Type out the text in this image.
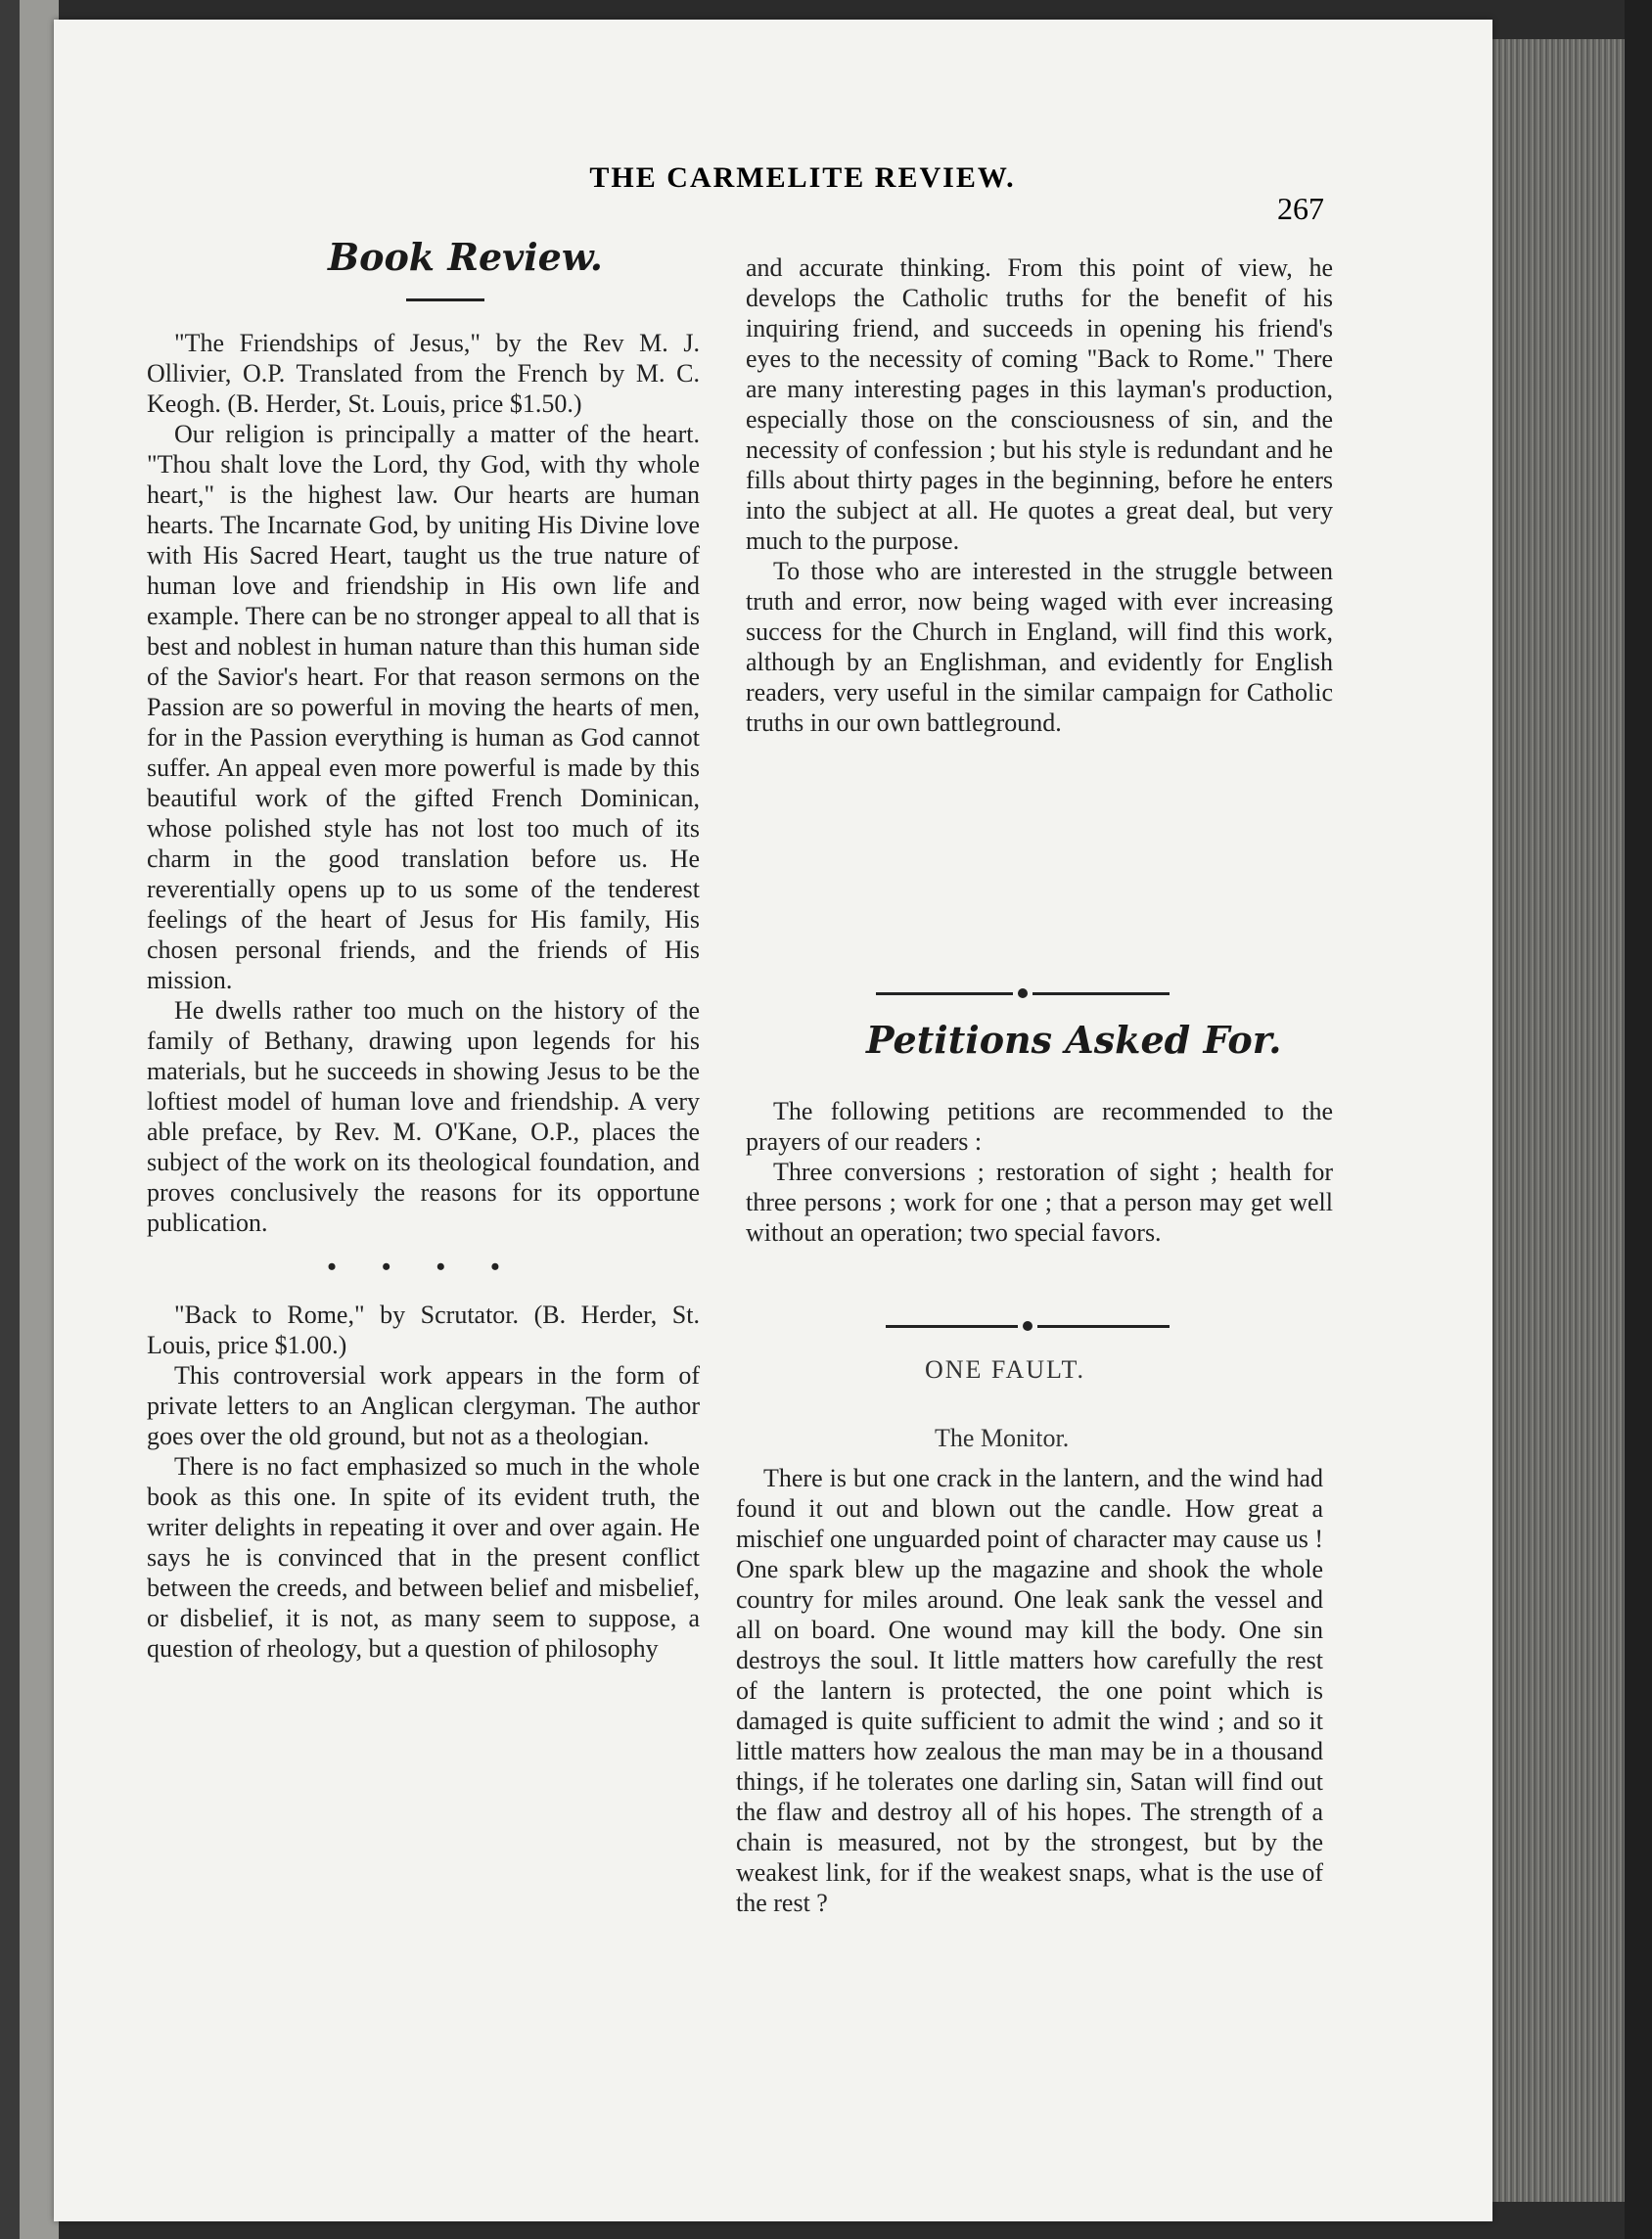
THE CARMELITE REVIEW.
267
Book Review.

"The Friendships of Jesus," by the Rev M. J. Ollivier, O.P. Translated from the French by M. C. Keogh. (B. Herder, St. Louis, price $1.50.)

Our religion is principally a matter of the heart. "Thou shalt love the Lord, thy God, with thy whole heart," is the highest law. Our hearts are human hearts. The Incarnate God, by uniting His Divine love with His Sacred Heart, taught us the true nature of human love and friendship in His own life and example. There can be no stronger appeal to all that is best and noblest in human nature than this human side of the Savior's heart. For that reason sermons on the Passion are so powerful in moving the hearts of men, for in the Passion everything is human as God cannot suffer. An appeal even more powerful is made by this beautiful work of the gifted French Dominican, whose polished style has not lost too much of its charm in the good translation before us. He reverentially opens up to us some of the tenderest feelings of the heart of Jesus for His family, His chosen personal friends, and the friends of His mission.

He dwells rather too much on the history of the family of Bethany, drawing upon legends for his materials, but he succeeds in showing Jesus to be the loftiest model of human love and friendship. A very able preface, by Rev. M. O'Kane, O.P., places the subject of the work on its theological foundation, and proves conclusively the reasons for its opportune publication.

• • • •

"Back to Rome," by Scrutator. (B. Herder, St. Louis, price $1.00.)

This controversial work appears in the form of private letters to an Anglican clergyman. The author goes over the old ground, but not as a theologian.

There is no fact emphasized so much in the whole book as this one. In spite of its evident truth, the writer delights in repeating it over and over again. He says he is convinced that in the present conflict between the creeds, and between belief and misbelief, or disbelief, it is not, as many seem to suppose, a question of rheology, but a question of philosophy

and accurate thinking. From this point of view, he develops the Catholic truths for the benefit of his inquiring friend, and succeeds in opening his friend's eyes to the necessity of coming "Back to Rome." There are many interesting pages in this layman's production, especially those on the consciousness of sin, and the necessity of confession ; but his style is redundant and he fills about thirty pages in the beginning, before he enters into the subject at all. He quotes a great deal, but very much to the purpose.

To those who are interested in the struggle between truth and error, now being waged with ever increasing success for the Church in England, will find this work, although by an Englishman, and evidently for English readers, very useful in the similar campaign for Catholic truths in our own battleground.

Petitions Asked For.

The following petitions are recommended to the prayers of our readers :

Three conversions ; restoration of sight ; health for three persons ; work for one ; that a person may get well without an operation; two special favors.

ONE FAULT.
The Monitor.

There is but one crack in the lantern, and the wind had found it out and blown out the candle. How great a mischief one unguarded point of character may cause us ! One spark blew up the magazine and shook the whole country for miles around. One leak sank the vessel and all on board. One wound may kill the body. One sin destroys the soul. It little matters how carefully the rest of the lantern is protected, the one point which is damaged is quite sufficient to admit the wind ; and so it little matters how zealous the man may be in a thousand things, if he tolerates one darling sin, Satan will find out the flaw and destroy all of his hopes. The strength of a chain is measured, not by the strongest, but by the weakest link, for if the weakest snaps, what is the use of the rest ?
